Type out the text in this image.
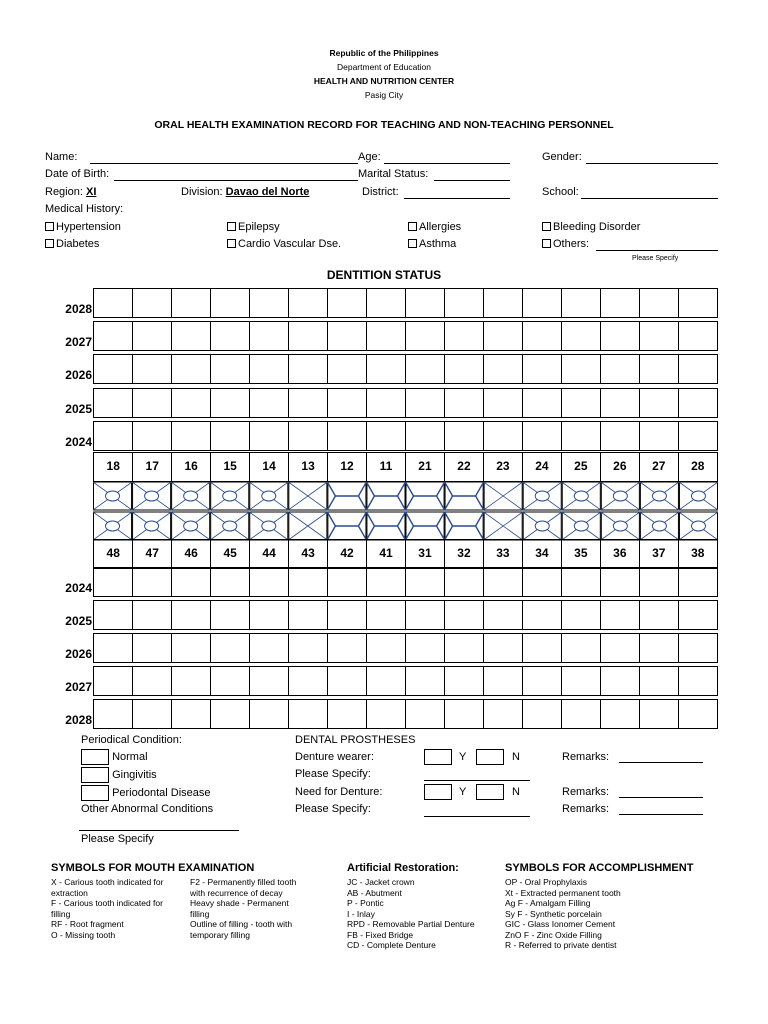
Republic of the Philippines
Department of Education
HEALTH AND NUTRITION CENTER
Pasig City
ORAL HEALTH EXAMINATION RECORD FOR TEACHING AND NON-TEACHING PERSONNEL
Name:	Age:	Gender:
Date of Birth:	Marital Status:
Region: XI	Division: Davao del Norte	District:	School:
Medical History:
Hypertension
Diabetes
Epilepsy
Cardio Vascular Dse.
Allergies
Asthma
Bleeding Disorder
Others:
Please Specify
DENTITION STATUS
2028
2027
2026
2025
2024
18	17	16	15	14	13	12	11	21	22	23	24	25	26	27	28
48	47	46	45	44	43	42	41	31	32	33	34	35	36	37	38
2024
2025
2026
2027
2028
Periodical Condition:
Normal
Gingivitis
Periodontal Disease
Other Abnormal Conditions
Please Specify
DENTAL PROSTHESES
Denture wearer:	Y	N	Remarks:
Please Specify:
Need for Denture:	Y	N	Remarks:
Please Specify:	Remarks:
SYMBOLS FOR MOUTH EXAMINATION
X - Carious tooth indicated for
extraction
F - Carious tooth indicated for
filling
RF - Root fragment
O - Missing tooth
F2 - Permanently filled tooth
with recurrence of decay
Heavy shade - Permanent
filling
Outline of filling - tooth with
temporary filling
Artificial Restoration:
JC - Jacket crown
AB - Abutment
P - Pontic
I - Inlay
RPD - Removable Partial Denture
FB - Fixed Bridge
CD - Complete Denture
SYMBOLS FOR ACCOMPLISHMENT
OP - Oral Prophylaxis
Xt - Extracted permanent tooth
Ag F - Amalgam Filling
Sy F - Synthetic porcelain
GIC - Glass Ionomer Cement
ZnO F - Zinc Oxide Filling
R - Referred to private dentist
